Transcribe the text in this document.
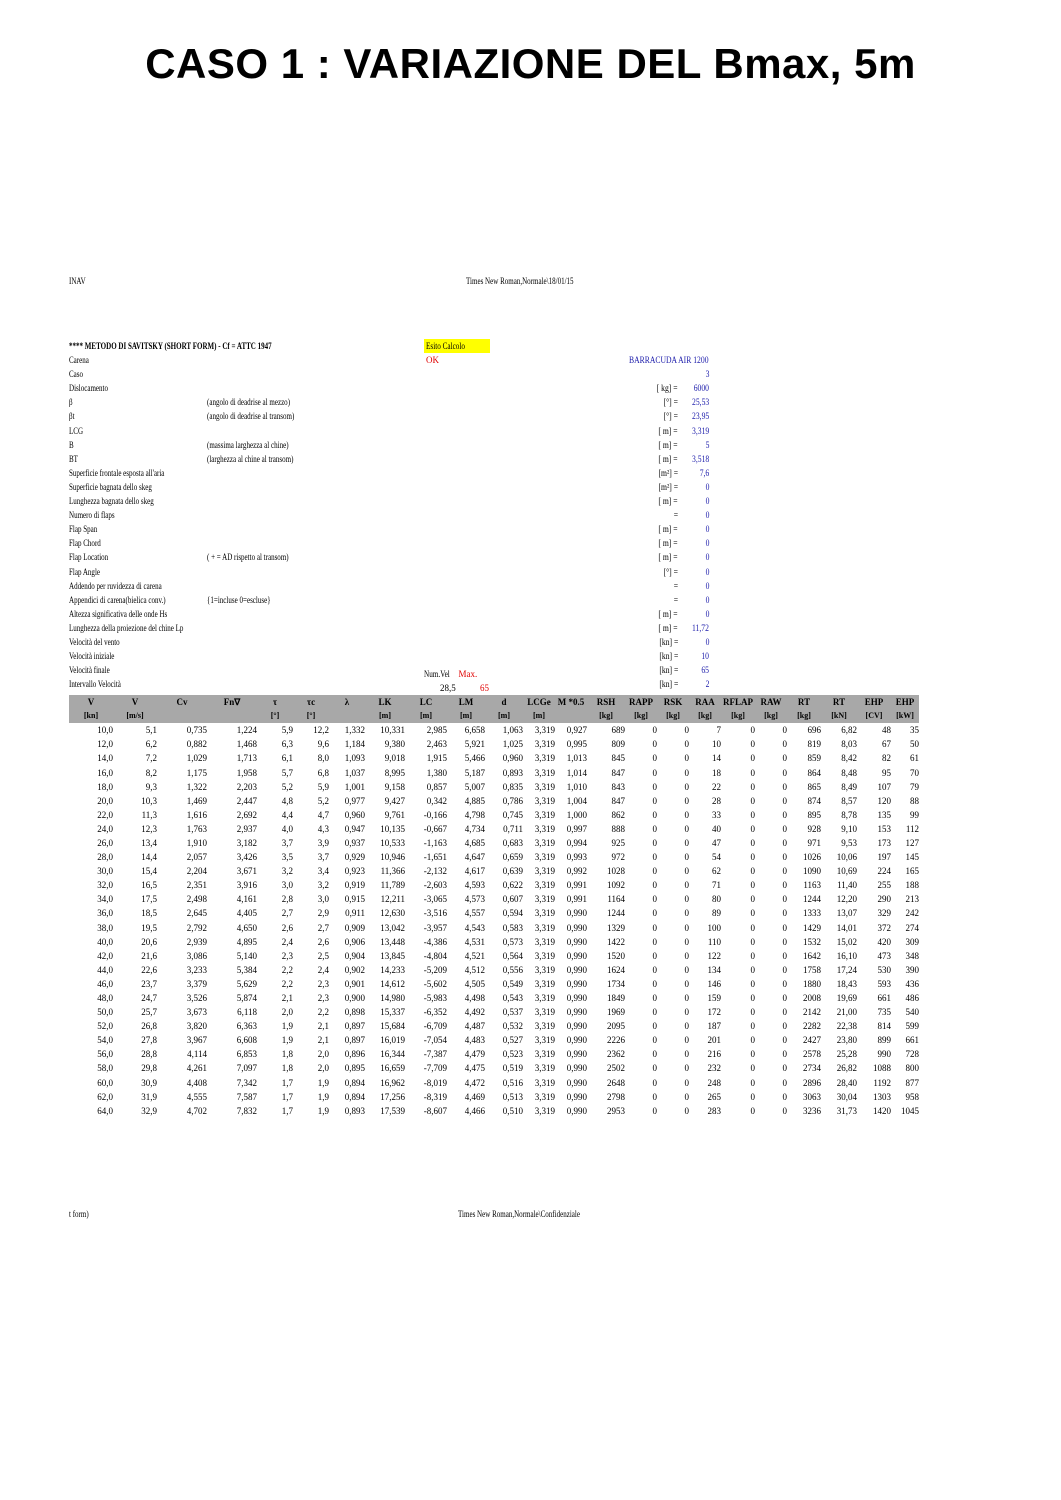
CASO 1 : VARIAZIONE DEL Bmax, 5m
INAV	Times New Roman,Normale\18/01/15
Esito Calcolo
OK
**** METODO DI SAVITSKY (SHORT FORM) - Cf = ATTC 1947
Carena	BARRACUDA AIR 1200
Caso	3
Dislocamento	[ kg] = 6000
β	(angolo di deadrise al mezzo)	[°] = 25,53
βt	(angolo di deadrise al transom)	[°] = 23,95
LCG	[ m] = 3,319
B	(massima larghezza al chine)	[ m] =	5
BT	(larghezza al chine al transom)	[ m] = 3,518
Superficie frontale esposta all'aria	[m²] = 7,6
Superficie bagnata dello skeg	[m²] =	0
Lunghezza bagnata dello skeg	[ m] =	0
Numero di flaps	=	0
Flap Span	[ m] =	0
Flap Chord	[ m] =	0
Flap Location	( + = AD rispetto al transom)	[ m] =	0
Flap Angle	[°] =	0
Addendo per ruvidezza di carena	=	0
Appendici di carena(bielica conv.)	{1=incluse 0=escluse}	=	0
Altezza significativa delle onde Hs	[ m] =	0
Lunghezza della proiezione del chine Lp	[ m] = 11,72
Velocità del vento	[kn] =	0
Velocità iniziale	[kn] =	10
Velocità finale	[kn] =	65
Intervallo Velocità	[kn] =	2
Num.Vel Max.
28,5	65
V	V	Cv	Fn∇	τ	τc	λ	LK	LC	LM	d	LCGe	M *0.5	RSH	RAPP	RSK	RAA	RFLAP	RAW	RT	RT	EHP	EHP
[kn]	[m/s]			[°]	[°]		[m]	[m]	[m]	[m]	[m]		[kg]	[kg]	[kg]	[kg]	[kg]	[kg]	[kg]	[kN]	[CV]	[kW]
10,0	5,1	0,735	1,224	5,9	12,2	1,332	10,331	2,985	6,658	1,063	3,319	0,927	689	0	0	7	0	0	696	6,82	48	35
12,0	6,2	0,882	1,468	6,3	9,6	1,184	9,380	2,463	5,921	1,025	3,319	0,995	809	0	0	10	0	0	819	8,03	67	50
14,0	7,2	1,029	1,713	6,1	8,0	1,093	9,018	1,915	5,466	0,960	3,319	1,013	845	0	0	14	0	0	859	8,42	82	61
16,0	8,2	1,175	1,958	5,7	6,8	1,037	8,995	1,380	5,187	0,893	3,319	1,014	847	0	0	18	0	0	864	8,48	95	70
18,0	9,3	1,322	2,203	5,2	5,9	1,001	9,158	0,857	5,007	0,835	3,319	1,010	843	0	0	22	0	0	865	8,49	107	79
20,0	10,3	1,469	2,447	4,8	5,2	0,977	9,427	0,342	4,885	0,786	3,319	1,004	847	0	0	28	0	0	874	8,57	120	88
22,0	11,3	1,616	2,692	4,4	4,7	0,960	9,761	-0,166	4,798	0,745	3,319	1,000	862	0	0	33	0	0	895	8,78	135	99
24,0	12,3	1,763	2,937	4,0	4,3	0,947	10,135	-0,667	4,734	0,711	3,319	0,997	888	0	0	40	0	0	928	9,10	153	112
26,0	13,4	1,910	3,182	3,7	3,9	0,937	10,533	-1,163	4,685	0,683	3,319	0,994	925	0	0	47	0	0	971	9,53	173	127
28,0	14,4	2,057	3,426	3,5	3,7	0,929	10,946	-1,651	4,647	0,659	3,319	0,993	972	0	0	54	0	0	1026	10,06	197	145
30,0	15,4	2,204	3,671	3,2	3,4	0,923	11,366	-2,132	4,617	0,639	3,319	0,992	1028	0	0	62	0	0	1090	10,69	224	165
32,0	16,5	2,351	3,916	3,0	3,2	0,919	11,789	-2,603	4,593	0,622	3,319	0,991	1092	0	0	71	0	0	1163	11,40	255	188
34,0	17,5	2,498	4,161	2,8	3,0	0,915	12,211	-3,065	4,573	0,607	3,319	0,991	1164	0	0	80	0	0	1244	12,20	290	213
36,0	18,5	2,645	4,405	2,7	2,9	0,911	12,630	-3,516	4,557	0,594	3,319	0,990	1244	0	0	89	0	0	1333	13,07	329	242
38,0	19,5	2,792	4,650	2,6	2,7	0,909	13,042	-3,957	4,543	0,583	3,319	0,990	1329	0	0	100	0	0	1429	14,01	372	274
40,0	20,6	2,939	4,895	2,4	2,6	0,906	13,448	-4,386	4,531	0,573	3,319	0,990	1422	0	0	110	0	0	1532	15,02	420	309
42,0	21,6	3,086	5,140	2,3	2,5	0,904	13,845	-4,804	4,521	0,564	3,319	0,990	1520	0	0	122	0	0	1642	16,10	473	348
44,0	22,6	3,233	5,384	2,2	2,4	0,902	14,233	-5,209	4,512	0,556	3,319	0,990	1624	0	0	134	0	0	1758	17,24	530	390
46,0	23,7	3,379	5,629	2,2	2,3	0,901	14,612	-5,602	4,505	0,549	3,319	0,990	1734	0	0	146	0	0	1880	18,43	593	436
48,0	24,7	3,526	5,874	2,1	2,3	0,900	14,980	-5,983	4,498	0,543	3,319	0,990	1849	0	0	159	0	0	2008	19,69	661	486
50,0	25,7	3,673	6,118	2,0	2,2	0,898	15,337	-6,352	4,492	0,537	3,319	0,990	1969	0	0	172	0	0	2142	21,00	735	540
52,0	26,8	3,820	6,363	1,9	2,1	0,897	15,684	-6,709	4,487	0,532	3,319	0,990	2095	0	0	187	0	0	2282	22,38	814	599
54,0	27,8	3,967	6,608	1,9	2,1	0,897	16,019	-7,054	4,483	0,527	3,319	0,990	2226	0	0	201	0	0	2427	23,80	899	661
56,0	28,8	4,114	6,853	1,8	2,0	0,896	16,344	-7,387	4,479	0,523	3,319	0,990	2362	0	0	216	0	0	2578	25,28	990	728
58,0	29,8	4,261	7,097	1,8	2,0	0,895	16,659	-7,709	4,475	0,519	3,319	0,990	2502	0	0	232	0	0	2734	26,82	1088	800
60,0	30,9	4,408	7,342	1,7	1,9	0,894	16,962	-8,019	4,472	0,516	3,319	0,990	2648	0	0	248	0	0	2896	28,40	1192	877
62,0	31,9	4,555	7,587	1,7	1,9	0,894	17,256	-8,319	4,469	0,513	3,319	0,990	2798	0	0	265	0	0	3063	30,04	1303	958
64,0	32,9	4,702	7,832	1,7	1,9	0,893	17,539	-8,607	4,466	0,510	3,319	0,990	2953	0	0	283	0	0	3236	31,73	1420	1045
t form)	Times New Roman,Normale\Confidenziale
